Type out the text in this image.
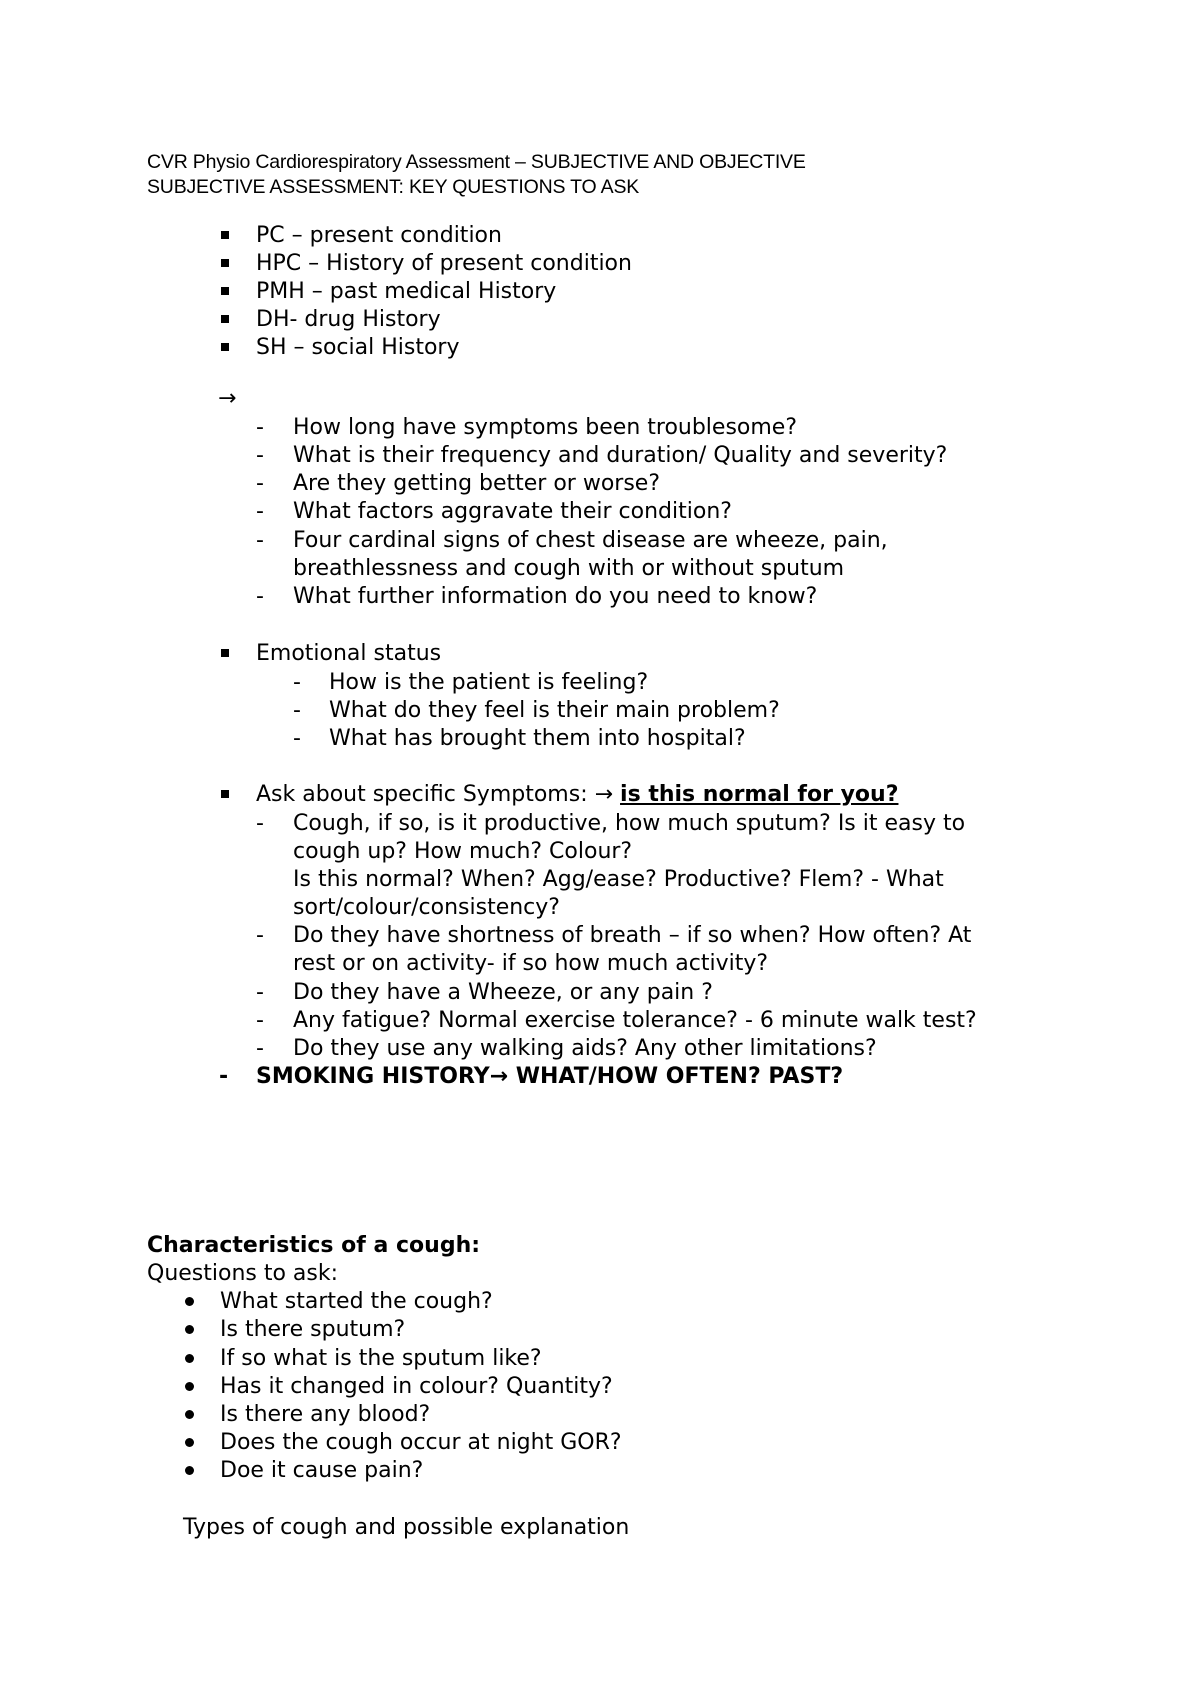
CVR Physio Cardiorespiratory Assessment – SUBJECTIVE AND OBJECTIVE
SUBJECTIVE ASSESSMENT: KEY QUESTIONS TO ASK
PC – present condition
HPC – History of present condition
PMH – past medical History
DH- drug History
SH – social History
→
- How long have symptoms been troublesome?
- What is their frequency and duration/ Quality and severity?
- Are they getting better or worse?
- What factors aggravate their condition?
- Four cardinal signs of chest disease are wheeze, pain,
breathlessness and cough with or without sputum
- What further information do you need to know?
Emotional status
- How is the patient is feeling?
- What do they feel is their main problem?
- What has brought them into hospital?
Ask about specific Symptoms: → is this normal for you?
- Cough, if so, is it productive, how much sputum? Is it easy to
cough up? How much? Colour?
Is this normal? When? Agg/ease? Productive? Flem? - What
sort/colour/consistency?
- Do they have shortness of breath – if so when? How often? At
rest or on activity- if so how much activity?
- Do they have a Wheeze, or any pain ?
- Any fatigue? Normal exercise tolerance? - 6 minute walk test?
- Do they use any walking aids? Any other limitations?
- SMOKING HISTORY→ WHAT/HOW OFTEN? PAST?
Characteristics of a cough:
Questions to ask:
What started the cough?
Is there sputum?
If so what is the sputum like?
Has it changed in colour? Quantity?
Is there any blood?
Does the cough occur at night GOR?
Doe it cause pain?
Types of cough and possible explanation
